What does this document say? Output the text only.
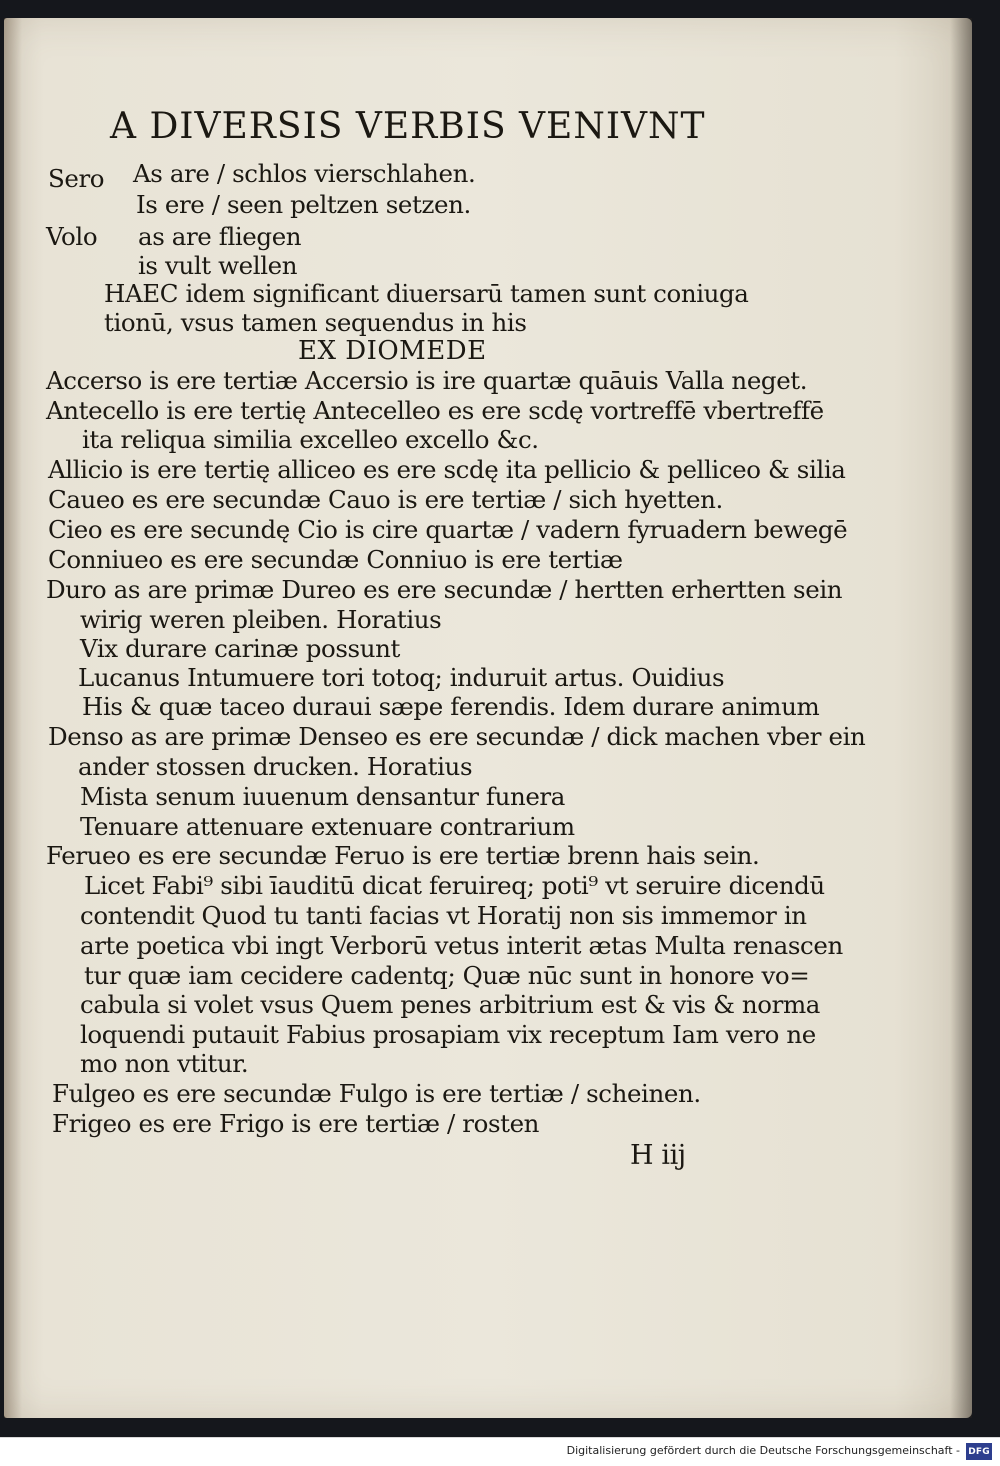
A DIVERSIS VERBIS VENIVNT
Sero As are / schlos vierschlahen.
Is ere / seen peltzen setzen.
Volo as are fliegen
is vult wellen
HAEC idem significant diuersarū tamen sunt coniuga
tionū, vsus tamen sequendus in his
EX DIOMEDE
Accerso is ere tertiæ Accersio is ire quartæ quāuis Valla neget.
Antecello is ere tertię Antecelleo es ere scdę vortreffē vbertreffē
ita reliqua similia excelleo excello &c.
Allicio is ere tertię alliceo es ere scdę ita pellicio & pelliceo & silia
Caueo es ere secundæ Cauo is ere tertiæ / sich hyetten.
Cieo es ere secundę Cio is cire quartæ / vadern fyruadern bewegē
Conniueo es ere secundæ Conniuo is ere tertiæ
Duro as are primæ Dureo es ere secundæ / hertten erhertten sein
wirig weren pleiben. Horatius
Vix durare carinæ possunt
Lucanus Intumuere tori totoq; induruit artus. Ouidius
His & quæ taceo duraui sæpe ferendis. Idem durare animum
Denso as are primæ Denseo es ere secundæ / dick machen vber ein
ander stossen drucken. Horatius
Mista senum iuuenum densantur funera
Tenuare attenuare extenuare contrarium
Ferueo es ere secundæ Feruo is ere tertiæ brenn hais sein.
Licet Fabi⁹ sibi īauditū dicat feruireq; poti⁹ vt seruire dicendū
contendit Quod tu tanti facias vt Horatij non sis immemor in
arte poetica vbi ingt Verborū vetus interit ætas Multa renascen
tur quæ iam cecidere cadentq; Quæ nūc sunt in honore vo=
cabula si volet vsus Quem penes arbitrium est & vis & norma
loquendi putauit Fabius prosapiam vix receptum Iam vero ne
mo non vtitur.
Fulgeo es ere secundæ Fulgo is ere tertiæ / scheinen.
Frigeo es ere Frigo is ere tertiæ / rosten
H iij
Digitalisierung gefördert durch die Deutsche Forschungsgemeinschaft - DFG
